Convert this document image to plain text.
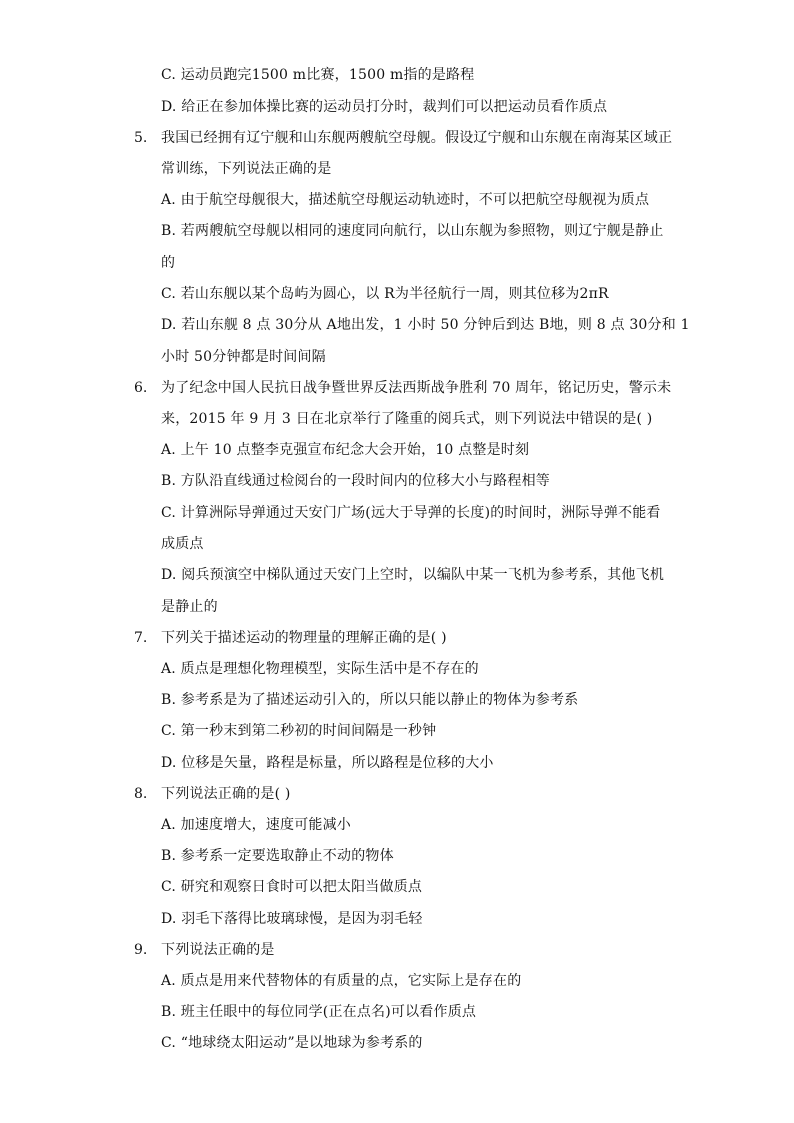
C. 运动员跑完1500 m比赛，1500 m指的是路程
D. 给正在参加体操比赛的运动员打分时，裁判们可以把运动员看作质点
5. 我国已经拥有辽宁舰和山东舰两艘航空母舰。假设辽宁舰和山东舰在南海某区域正
常训练，下列说法正确的是
A. 由于航空母舰很大，描述航空母舰运动轨迹时，不可以把航空母舰视为质点
B. 若两艘航空母舰以相同的速度同向航行，以山东舰为参照物，则辽宁舰是静止
的
C. 若山东舰以某个岛屿为圆心，以 R为半径航行一周，则其位移为2πR
D. 若山东舰 8 点 30分从 A地出发，1 小时 50 分钟后到达 B地，则 8 点 30分和 1
小时 50分钟都是时间间隔
6. 为了纪念中国人民抗日战争暨世界反法西斯战争胜利 70 周年，铭记历史，警示未
来，2015 年 9 月 3 日在北京举行了隆重的阅兵式，则下列说法中错误的是( )
A. 上午 10 点整李克强宣布纪念大会开始，10 点整是时刻
B. 方队沿直线通过检阅台的一段时间内的位移大小与路程相等
C. 计算洲际导弹通过天安门广场(远大于导弹的长度)的时间时，洲际导弹不能看
成质点
D. 阅兵预演空中梯队通过天安门上空时，以编队中某一飞机为参考系，其他飞机
是静止的
7. 下列关于描述运动的物理量的理解正确的是( )
A. 质点是理想化物理模型，实际生活中是不存在的
B. 参考系是为了描述运动引入的，所以只能以静止的物体为参考系
C. 第一秒末到第二秒初的时间间隔是一秒钟
D. 位移是矢量，路程是标量，所以路程是位移的大小
8. 下列说法正确的是( )
A. 加速度增大，速度可能减小
B. 参考系一定要选取静止不动的物体
C. 研究和观察日食时可以把太阳当做质点
D. 羽毛下落得比玻璃球慢，是因为羽毛轻
9. 下列说法正确的是
A. 质点是用来代替物体的有质量的点，它实际上是存在的
B. 班主任眼中的每位同学(正在点名)可以看作质点
C. “地球绕太阳运动”是以地球为参考系的
